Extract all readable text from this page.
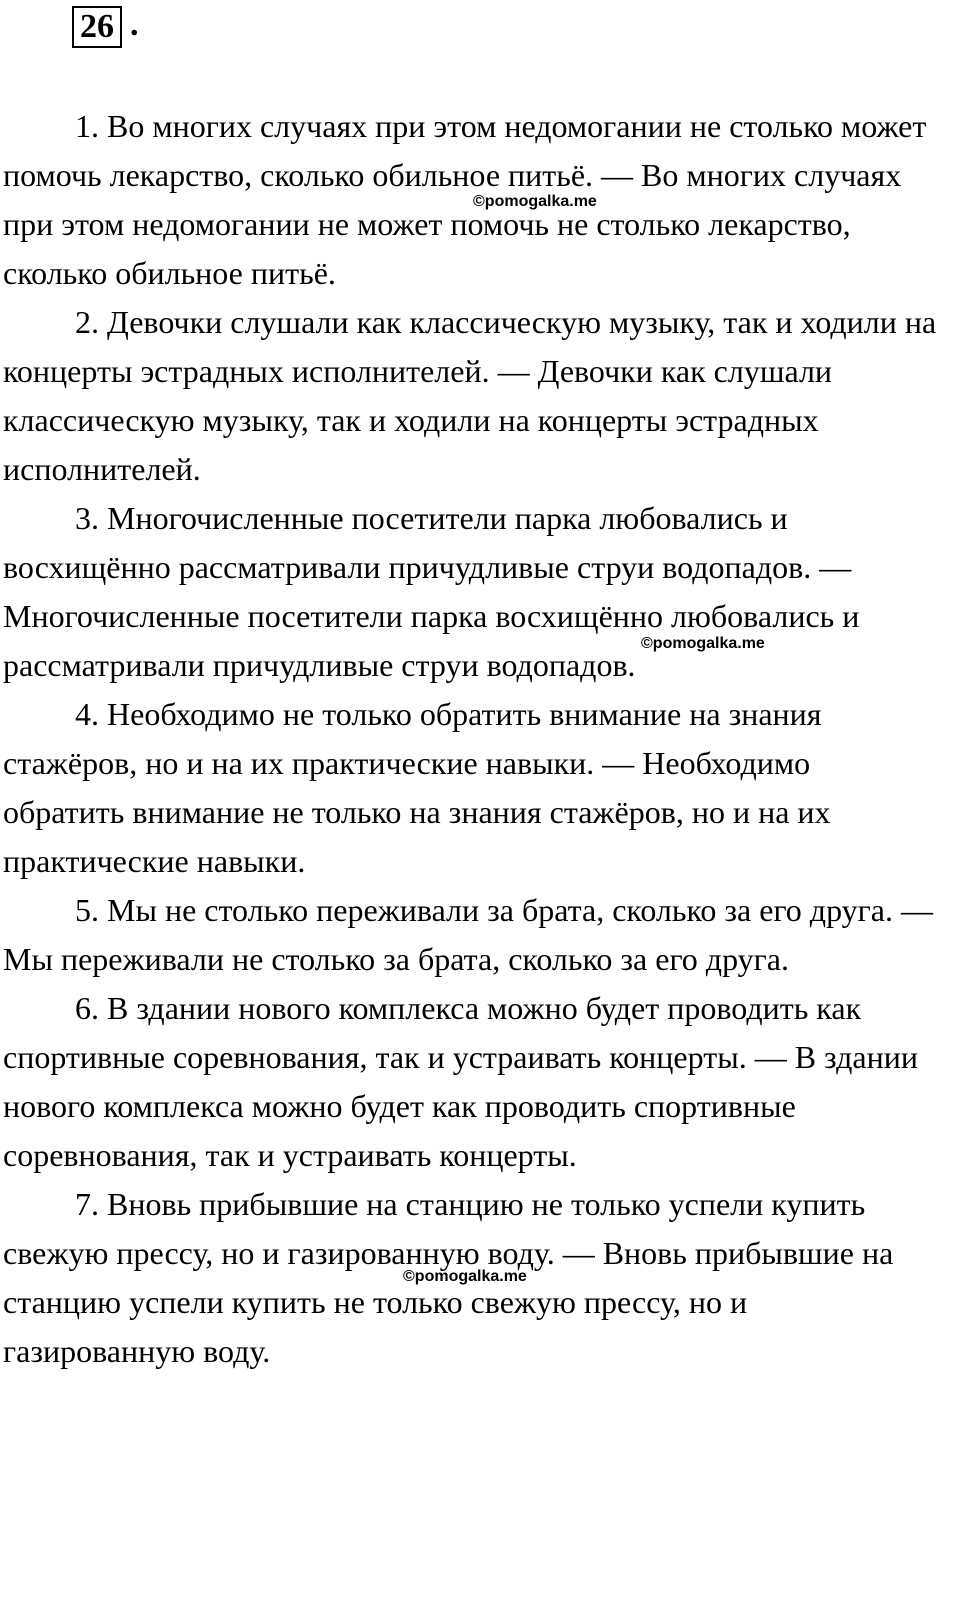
26 .

1. Во многих случаях при этом недомогании не столько может помочь лекарство, сколько обильное питьё. — Во многих случаях при этом недомогании не может помочь не столько лекарство, сколько обильное питьё.

2. Девочки слушали как классическую музыку, так и ходили на концерты эстрадных исполнителей. — Девочки как слушали классическую музыку, так и ходили на концерты эстрадных исполнителей.

3. Многочисленные посетители парка любовались и восхищённо рассматривали причудливые струи водопадов. — Многочисленные посетители парка восхищённо любовались и рассматривали причудливые струи водопадов.

4. Необходимо не только обратить внимание на знания стажёров, но и на их практические навыки. — Необходимо обратить внимание не только на знания стажёров, но и на их практические навыки.

5. Мы не столько переживали за брата, сколько за его друга. — Мы переживали не столько за брата, сколько за его друга.

6. В здании нового комплекса можно будет проводить как спортивные соревнования, так и устраивать концерты. — В здании нового комплекса можно будет как проводить спортивные соревнования, так и устраивать концерты.

7. Вновь прибывшие на станцию не только успели купить свежую прессу, но и газированную воду. — Вновь прибывшие на станцию успели купить не только свежую прессу, но и газированную воду.

©pomogalka.me
©pomogalka.me
©pomogalka.me
